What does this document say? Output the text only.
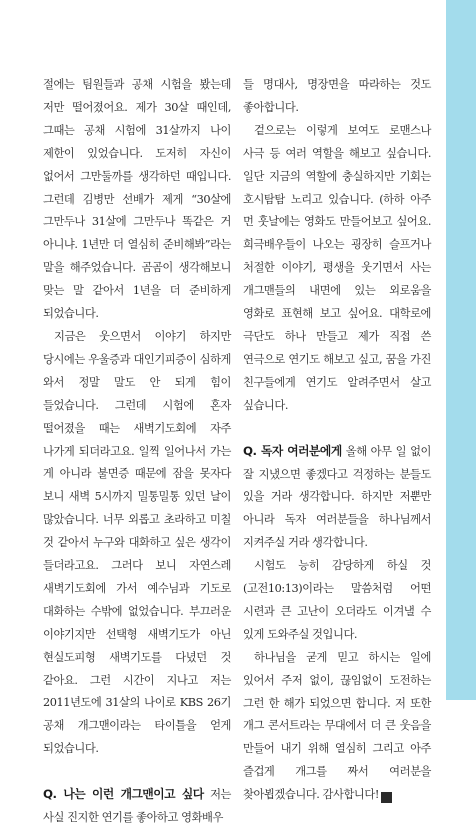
절에는 팀원들과 공채 시험을 봤는데 저만 떨어졌어요. 제가 30살 때인데, 그때는 공채 시험에 31살까지 나이 제한이 있었습니다. 도저히 자신이 없어서 그만둘까를 생각하던 때입니다. 그런데 김병만 선배가 제게 “30살에 그만두나 31살에 그만두나 똑같은 거 아니냐. 1년만 더 열심히 준비해봐”라는 말을 해주었습니다. 곰곰이 생각해보니 맞는 말 같아서 1년을 더 준비하게 되었습니다.

지금은 웃으면서 이야기 하지만 당시에는 우울증과 대인기피증이 심하게 와서 정말 말도 안 되게 힘이 들었습니다. 그런데 시험에 혼자 떨어졌을 때는 새벽기도회에 자주 나가게 되더라고요. 일찍 일어나서 가는 게 아니라 불면증 때문에 잠을 못자다 보니 새벽 5시까지 밀통밀통 있던 날이 많았습니다. 너무 외롭고 초라하고 미칠 것 같아서 누구와 대화하고 싶은 생각이 들더라고요. 그러다 보니 자연스레 새벽기도회에 가서 예수님과 기도로 대화하는 수밖에 없었습니다. 부끄러운 이야기지만 선택형 새벽기도가 아닌 현실도피형 새벽기도를 다녔던 것 같아요. 그런 시간이 지나고 저는 2011년도에 31살의 나이로 KBS 26기 공채 개그맨이라는 타이틀을 얻게 되었습니다.

Q. 나는 이런 개그맨이고 싶다 저는 사실 진지한 연기를 좋아하고 영화배우

들 명대사, 명장면을 따라하는 것도 좋아합니다.

겉으로는 이렇게 보여도 로맨스나 사극 등 여러 역할을 해보고 싶습니다. 일단 지금의 역할에 충실하지만 기회는 호시탐탐 노리고 있습니다. (하하 아주 먼 훗날에는 영화도 만들어보고 싶어요. 희극배우들이 나오는 굉장히 슬프거나 처절한 이야기, 평생을 웃기면서 사는 개그맨들의 내면에 있는 외로움을 영화로 표현해 보고 싶어요. 대학로에 극단도 하나 만들고 제가 직접 쓴 연극으로 연기도 해보고 싶고, 꿈을 가진 친구들에게 연기도 알려주면서 살고 싶습니다.

Q. 독자 여러분에게 올해 아무 일 없이 잘 지냈으면 좋겠다고 걱정하는 분들도 있을 거라 생각합니다. 하지만 저뿐만 아니라 독자 여러분들을 하나님께서 지켜주실 거라 생각합니다.

시험도 능히 감당하게 하실 것(고전10:13)이라는 말씀처럼 어떤 시련과 큰 고난이 오더라도 이겨낼 수 있게 도와주실 것입니다.

하나님을 굳게 믿고 하시는 일에 있어서 주저 없이, 끊임없이 도전하는 그런 한 해가 되었으면 합니다. 저 또한 개그 콘서트라는 무대에서 더 큰 웃음을 만들어 내기 위해 열심히 그리고 아주 즐겁게 개그를 짜서 여러분을 찾아뵙겠습니다. 감사합니다! N
